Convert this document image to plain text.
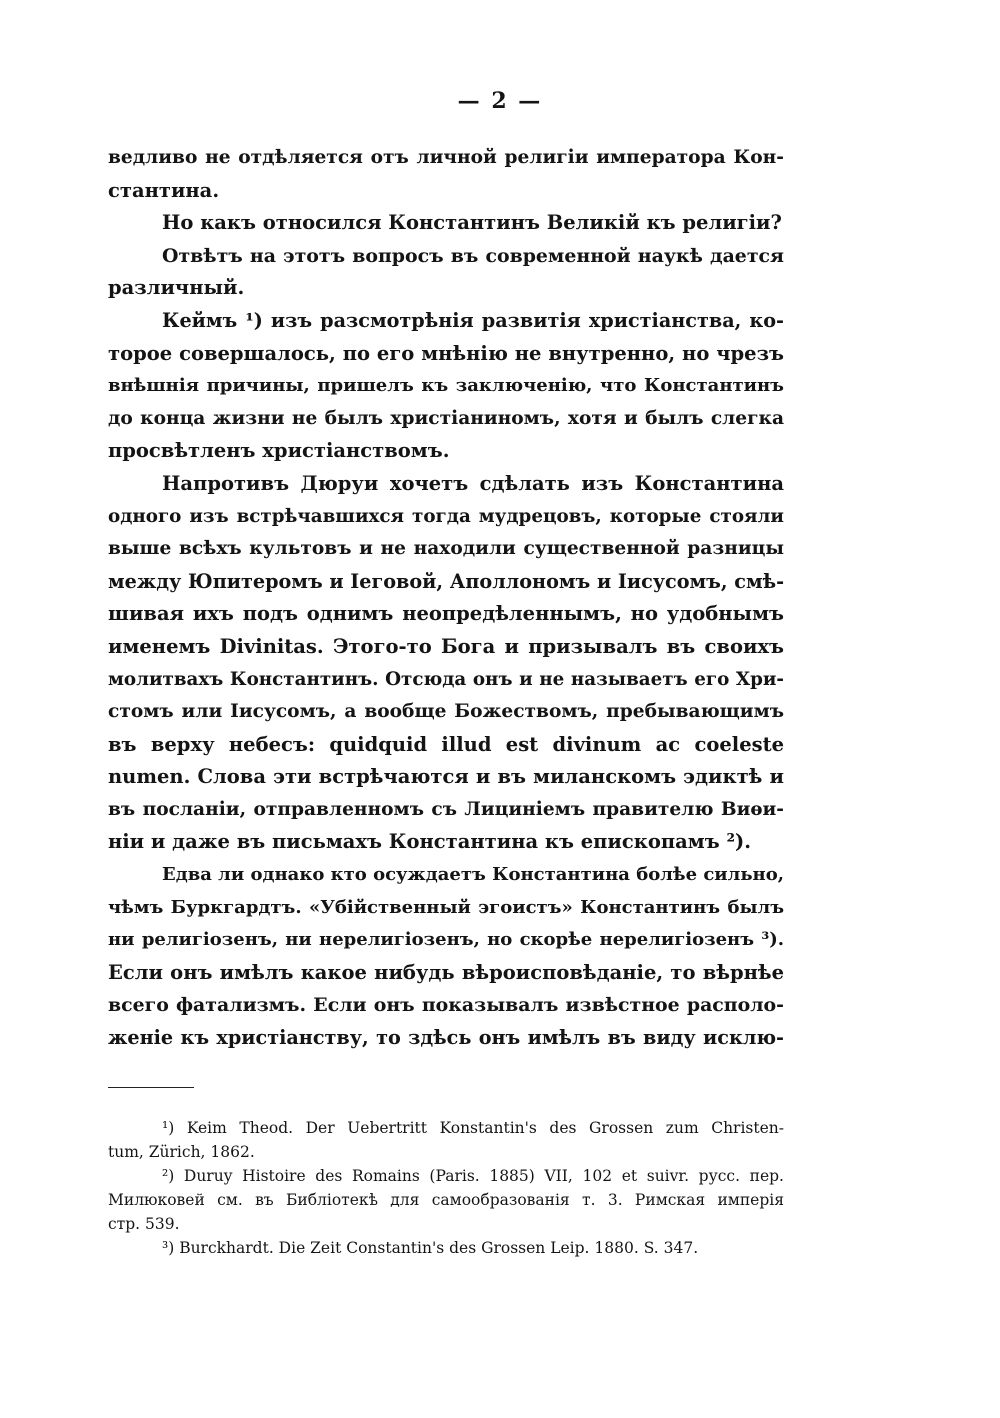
— 2 —

ведливо не отдѣляется отъ личной религіи императора Кон-
стантина.

Но какъ относился Константинъ Великій къ религіи?

Отвѣтъ на этотъ вопросъ въ современной наукѣ дается
различный.

Кеймъ ¹) изъ разсмотрѣнія развитія христіанства, ко-
торое совершалось, по его мнѣнію не внутренно, но чрезъ
внѣшнія причины, пришелъ къ заключенію, что Константинъ
до конца жизни не былъ христіаниномъ, хотя и былъ слегка
просвѣтленъ христіанствомъ.

Напротивъ Дюруи хочетъ сдѣлать изъ Константина
одного изъ встрѣчавшихся тогда мудрецовъ, которые стояли
выше всѣхъ культовъ и не находили существенной разницы
между Юпитеромъ и Іеговой, Аполлономъ и Іисусомъ, смѣ-
шивая ихъ подъ однимъ неопредѣленнымъ, но удобнымъ
именемъ Divinitas. Этого-то Бога и призывалъ въ своихъ
молитвахъ Константинъ. Отсюда онъ и не называетъ его Хри-
стомъ или Іисусомъ, а вообще Божествомъ, пребывающимъ
въ верху небесъ: quidquid illud est divinum ac coeleste
numen. Слова эти встрѣчаются и въ миланскомъ эдиктѣ и
въ посланіи, отправленномъ съ Лициніемъ правителю Виѳи-
ніи и даже въ письмахъ Константина къ епископамъ ²).

Едва ли однако кто осуждаетъ Константина болѣе сильно,
чѣмъ Буркгардтъ. «Убійственный эгоистъ» Константинъ былъ
ни религіозенъ, ни нерелигіозенъ, но скорѣе нерелигіозенъ ³).
Если онъ имѣлъ какое нибудь вѣроисповѣданіе, то вѣрнѣе
всего фатализмъ. Если онъ показывалъ извѣстное располо-
женіе къ христіанству, то здѣсь онъ имѣлъ въ виду исклю-

¹) Keim Theod. Der Uebertritt Konstantin's des Grossen zum Christen-
tum, Zürich, 1862.
²) Duruy Histoire des Romains (Paris. 1885) VII, 102 et suivr. русс. пер.
Милюковей см. въ Библіотекѣ для самообразованія т. 3. Римская имперія
стр. 539.
³) Burckhardt. Die Zeit Constantin's des Grossen Leip. 1880. S. 347.
